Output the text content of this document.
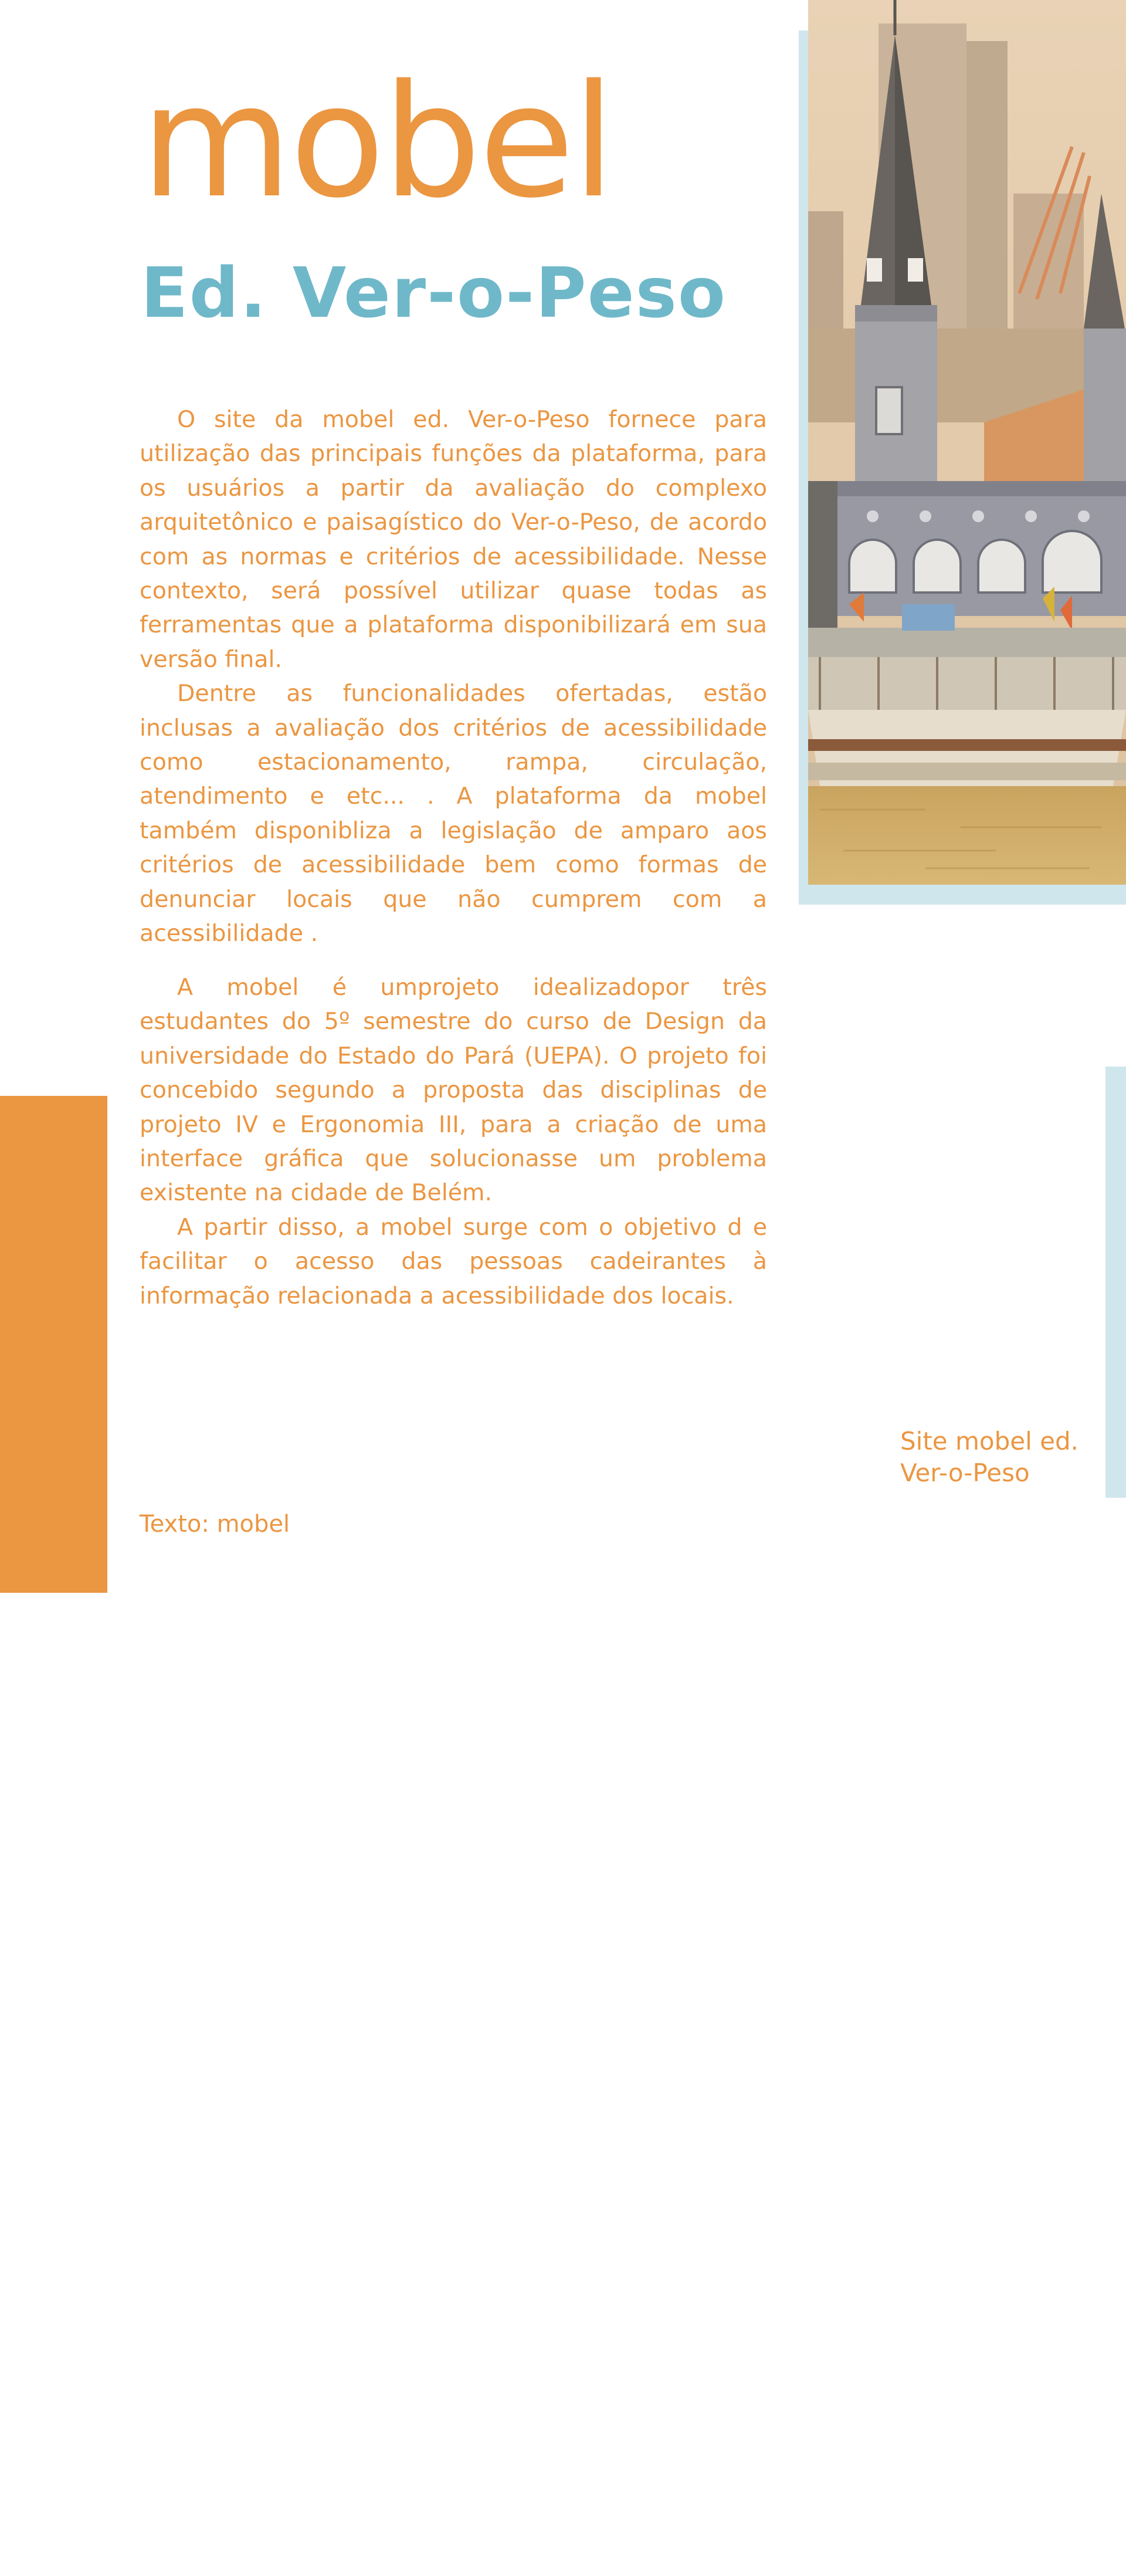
mobel
Ed. Ver-o-Peso

O site da mobel ed. Ver-o-Peso fornece para utilização das principais funções da plataforma, para os usuários a partir da avaliação do complexo arquitetônico e paisagístico do Ver-o-Peso, de acordo com as normas e critérios de acessibilidade. Nesse contexto, será possível utilizar quase todas as ferramentas que a plataforma disponibilizará em sua versão final.

Dentre as funcionalidades ofertadas, estão inclusas a avaliação dos critérios de acessibilidade como estacionamento, rampa, circulação, atendimento e etc... . A plataforma da mobel também disponibliza a legislação de amparo aos critérios de acessibilidade bem como formas de denunciar locais que não cumprem com a acessibilidade .

A mobel é umprojeto idealizadopor três estudantes do 5º semestre do curso de Design da universidade do Estado do Pará (UEPA). O projeto foi concebido segundo a proposta das disciplinas de projeto IV e Ergonomia III, para a criação de uma interface gráfica que solucionasse um problema existente na cidade de Belém.

A partir disso, a mobel surge com o objetivo d e facilitar o acesso das pessoas cadeirantes à informação relacionada a acessibilidade dos locais.

5
Texto: mobel
Site mobel ed.
Ver-o-Peso
